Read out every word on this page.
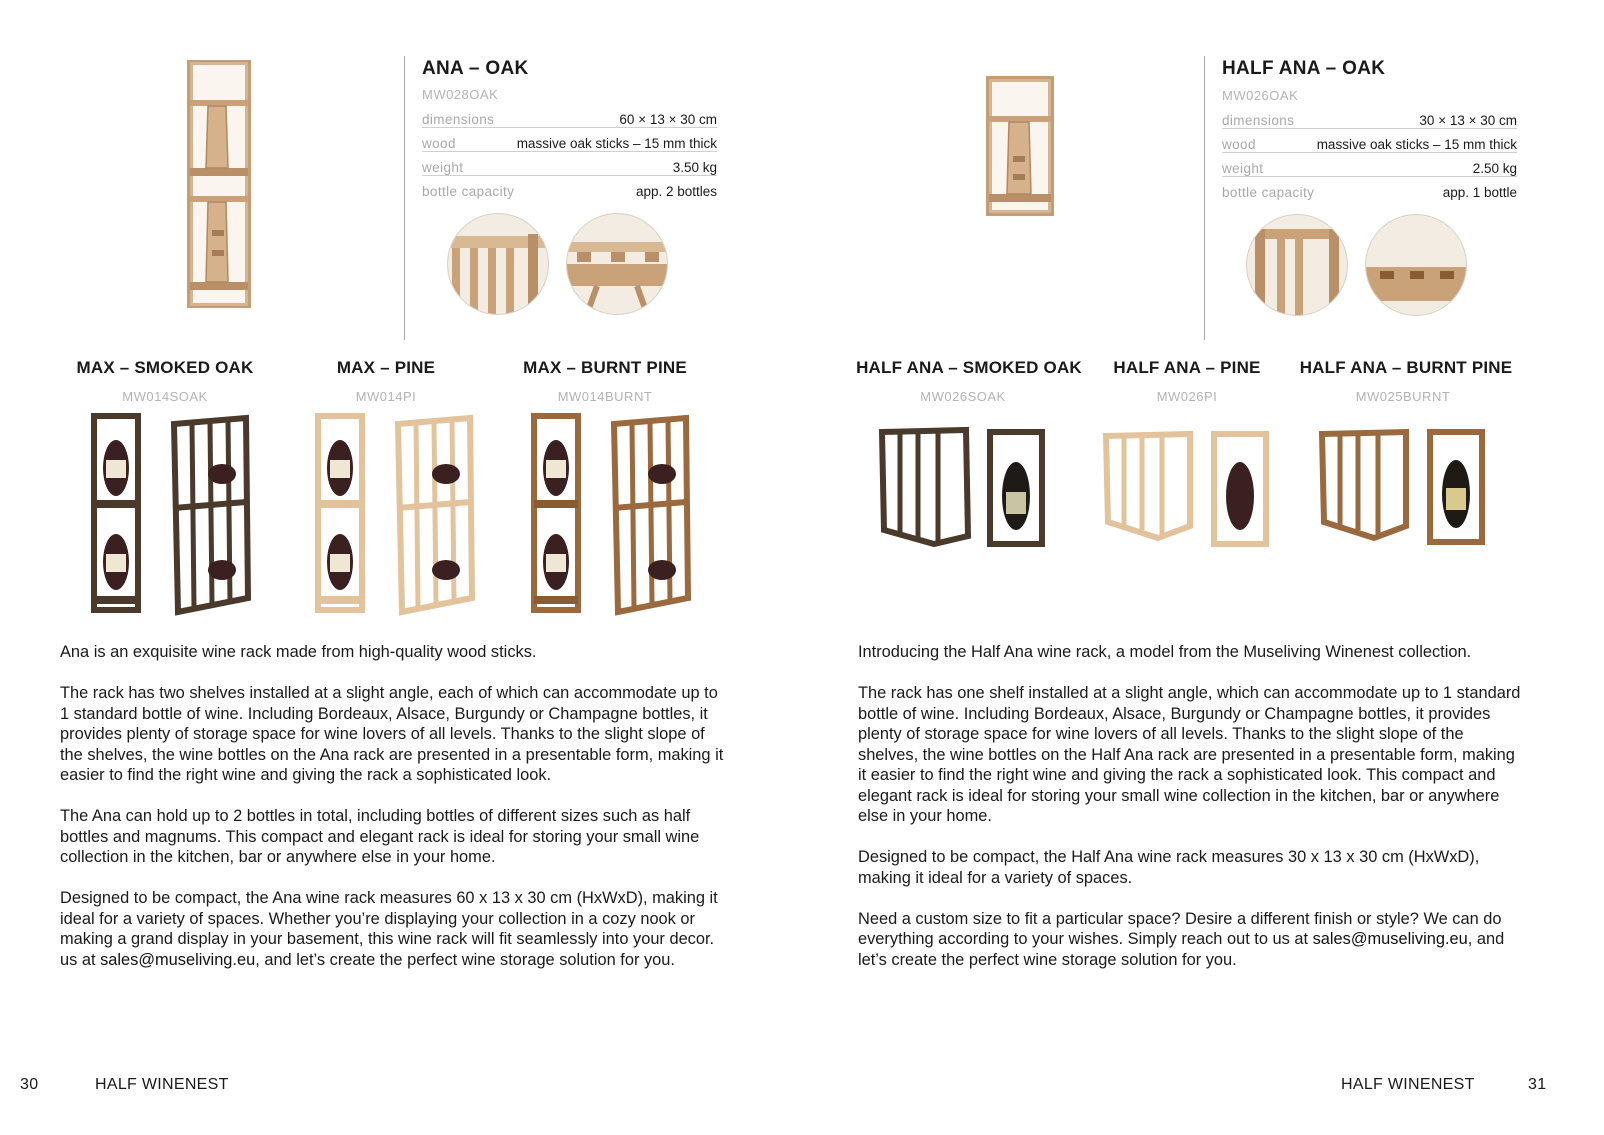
ANA – OAK
MW028OAK
dimensions	60 × 13 × 30 cm
wood	massive oak sticks – 15 mm thick
weight	3.50 kg
bottle capacity	app. 2 bottles
MAX – SMOKED OAK
MW014SOAK
MAX – PINE
MW014PI
MAX – BURNT PINE
MW014BURNT

Ana is an exquisite wine rack made from high-quality wood sticks.

The rack has two shelves installed at a slight angle, each of which can accommodate up to 1 standard bottle of wine. Including Bordeaux, Alsace, Burgundy or Champagne bottles, it provides plenty of storage space for wine lovers of all levels. Thanks to the slight slope of the shelves, the wine bottles on the Ana rack are presented in a presentable form, making it easier to find the right wine and giving the rack a sophisticated look.

The Ana can hold up to 2 bottles in total, including bottles of different sizes such as half bottles and magnums. This compact and elegant rack is ideal for storing your small wine collection in the kitchen, bar or anywhere else in your home.

Designed to be compact, the Ana wine rack measures 60 x 13 x 30 cm (HxWxD), making it ideal for a variety of spaces. Whether you’re displaying your collection in a cozy nook or making a grand display in your basement, this wine rack will fit seamlessly into your decor.
us at sales@museliving.eu, and let’s create the perfect wine storage solution for you.

30	HALF WINENEST
HALF ANA – OAK
MW026OAK
dimensions	30 × 13 × 30 cm
wood	massive oak sticks – 15 mm thick
weight	2.50 kg
bottle capacity	app. 1 bottle
HALF ANA – SMOKED OAK
MW026SOAK
HALF ANA – PINE
MW026PI
HALF ANA – BURNT PINE
MW025BURNT

Introducing the Half Ana wine rack, a model from the Museliving Winenest collection.

The rack has one shelf installed at a slight angle, which can accommodate up to 1 standard bottle of wine. Including Bordeaux, Alsace, Burgundy or Champagne bottles, it provides plenty of storage space for wine lovers of all levels. Thanks to the slight slope of the shelves, the wine bottles on the Half Ana rack are presented in a presentable form, making it easier to find the right wine and giving the rack a sophisticated look. This compact and elegant rack is ideal for storing your small wine collection in the kitchen, bar or anywhere else in your home.

Designed to be compact, the Half Ana wine rack measures 30 x 13 x 30 cm (HxWxD), making it ideal for a variety of spaces.

Need a custom size to fit a particular space? Desire a different finish or style? We can do everything according to your wishes. Simply reach out to us at sales@museliving.eu, and let’s create the perfect wine storage solution for you.

HALF WINENEST	31
